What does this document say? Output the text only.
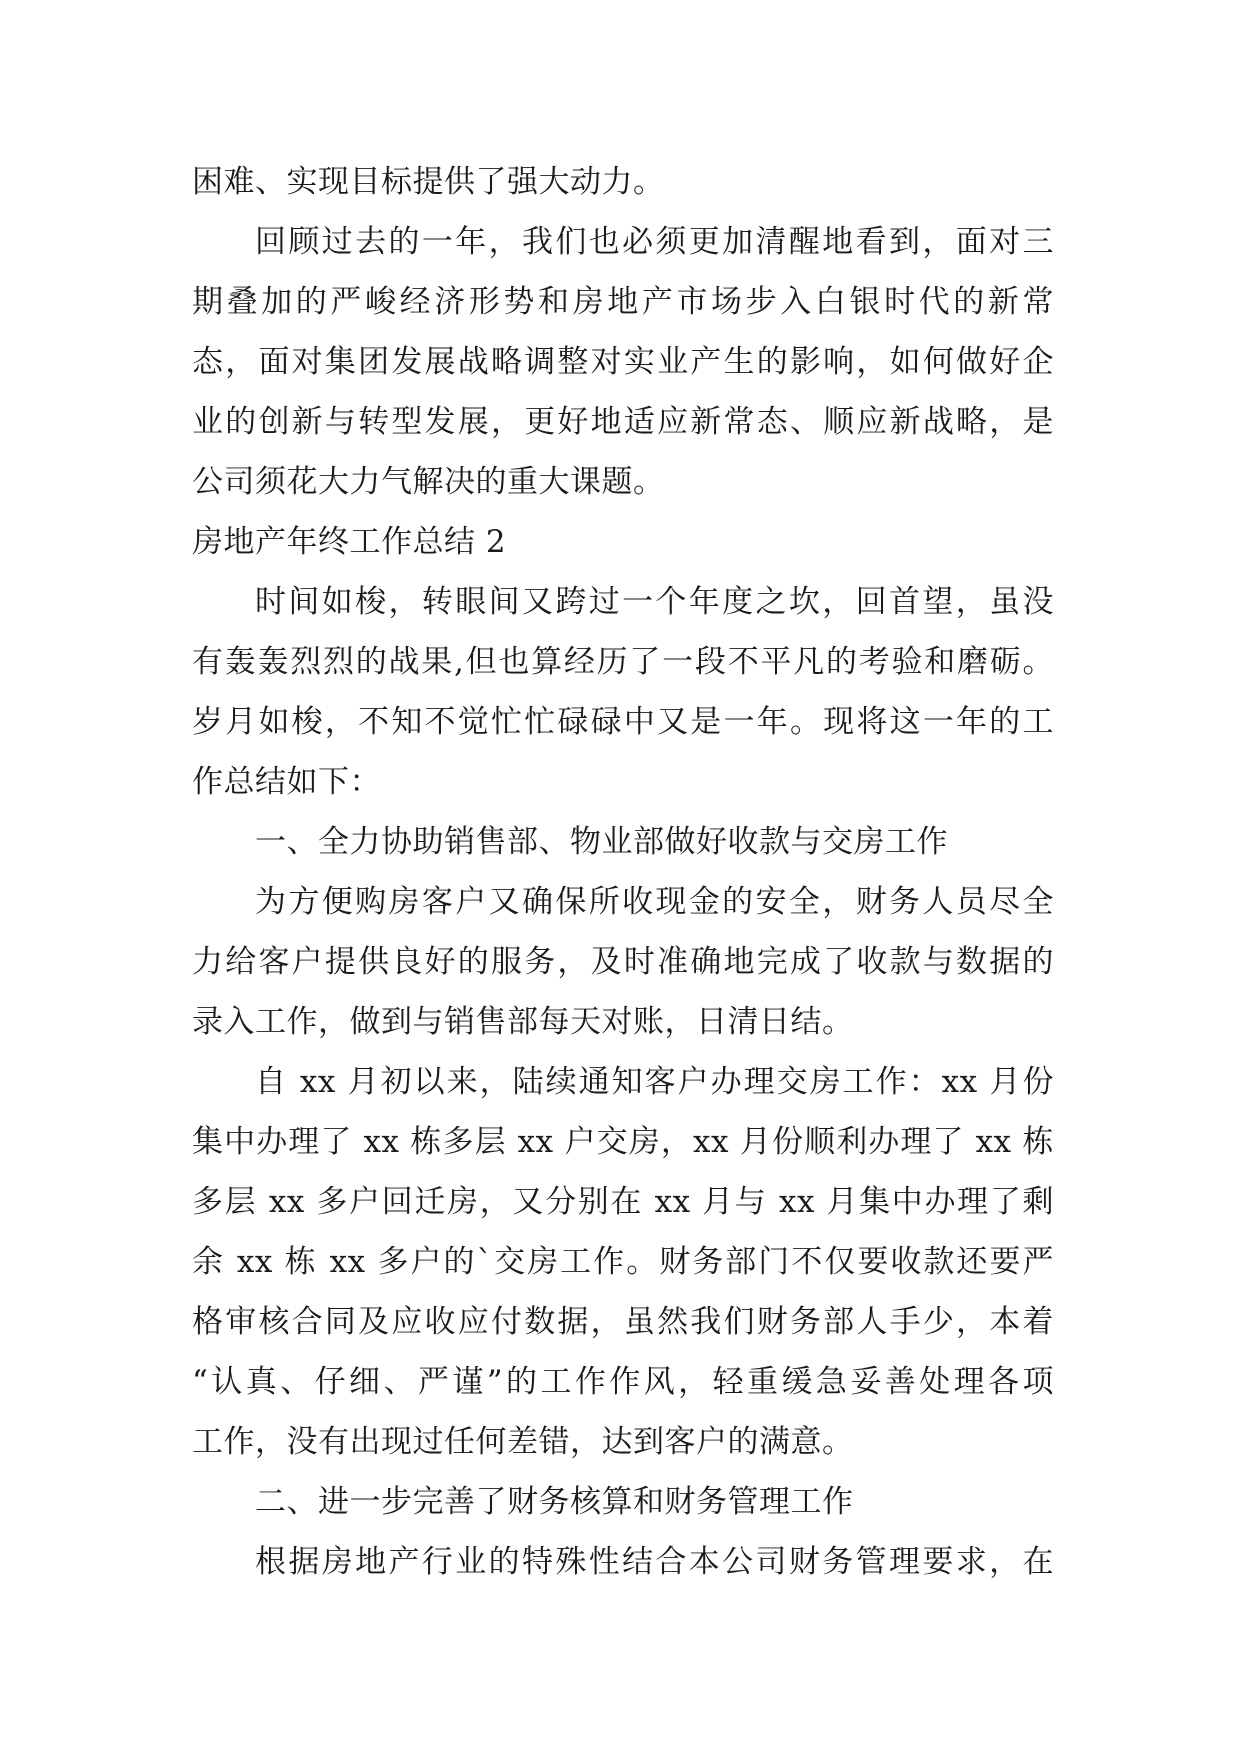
困难、实现目标提供了强大动力。
回顾过去的一年，我们也必须更加清醒地看到，面对三
期叠加的严峻经济形势和房地产市场步入白银时代的新常
态，面对集团发展战略调整对实业产生的影响，如何做好企
业的创新与转型发展，更好地适应新常态、顺应新战略，是
公司须花大力气解决的重大课题。
房地产年终工作总结 2
时间如梭，转眼间又跨过一个年度之坎，回首望，虽没
有轰轰烈烈的战果,但也算经历了一段不平凡的考验和磨砺。
岁月如梭，不知不觉忙忙碌碌中又是一年。现将这一年的工
作总结如下：
一、全力协助销售部、物业部做好收款与交房工作
为方便购房客户又确保所收现金的安全，财务人员尽全
力给客户提供良好的服务，及时准确地完成了收款与数据的
录入工作，做到与销售部每天对账，日清日结。
自 xx 月初以来，陆续通知客户办理交房工作：xx 月份
集中办理了 xx 栋多层 xx 户交房，xx 月份顺利办理了 xx 栋
多层 xx 多户回迁房，又分别在 xx 月与 xx 月集中办理了剩
余 xx 栋 xx 多户的`交房工作。财务部门不仅要收款还要严
格审核合同及应收应付数据，虽然我们财务部人手少，本着
“认真、仔细、严谨”的工作作风，轻重缓急妥善处理各项
工作，没有出现过任何差错，达到客户的满意。
二、进一步完善了财务核算和财务管理工作
根据房地产行业的特殊性结合本公司财务管理要求，在
